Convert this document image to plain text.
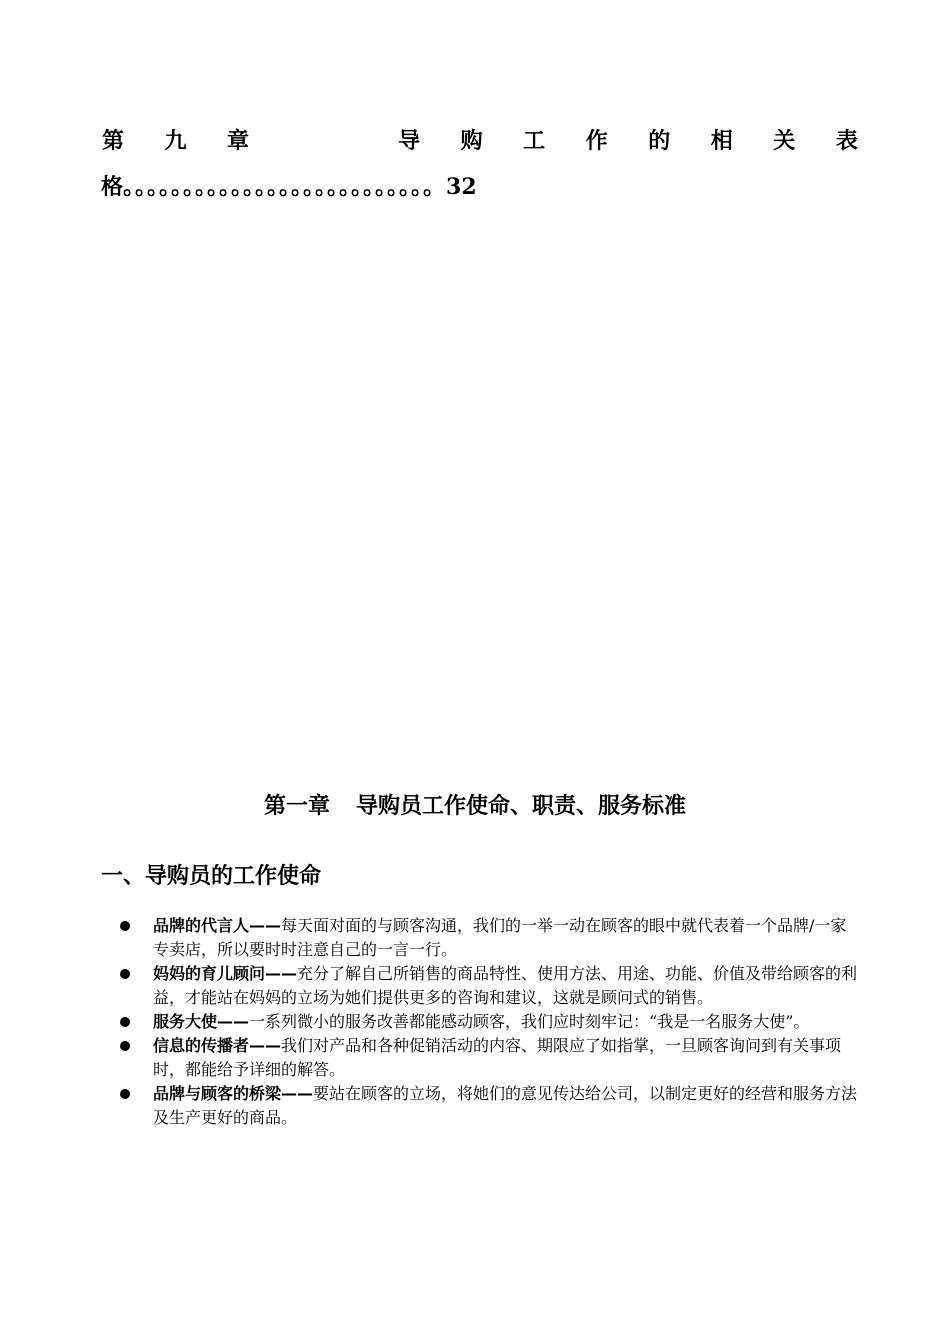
第 九 章	导 购 工 作 的 相 关 表
格。。。。。。。。。。。。。。。。。。。。。。。。。。32
第一章 导购员工作使命、职责、服务标准
一、导购员的工作使命
品牌的代言人——每天面对面的与顾客沟通，我们的一举一动在顾客的眼中就代表着一个品牌/一家专卖店，所以要时时注意自己的一言一行。
妈妈的育儿顾问——充分了解自己所销售的商品特性、使用方法、用途、功能、价值及带给顾客的利益，才能站在妈妈的立场为她们提供更多的咨询和建议，这就是顾问式的销售。
服务大使——一系列微小的服务改善都能感动顾客，我们应时刻牢记：“我是一名服务大使”。
信息的传播者——我们对产品和各种促销活动的内容、期限应了如指掌，一旦顾客询问到有关事项时，都能给予详细的解答。
品牌与顾客的桥梁——要站在顾客的立场，将她们的意见传达给公司，以制定更好的经营和服务方法及生产更好的商品。
